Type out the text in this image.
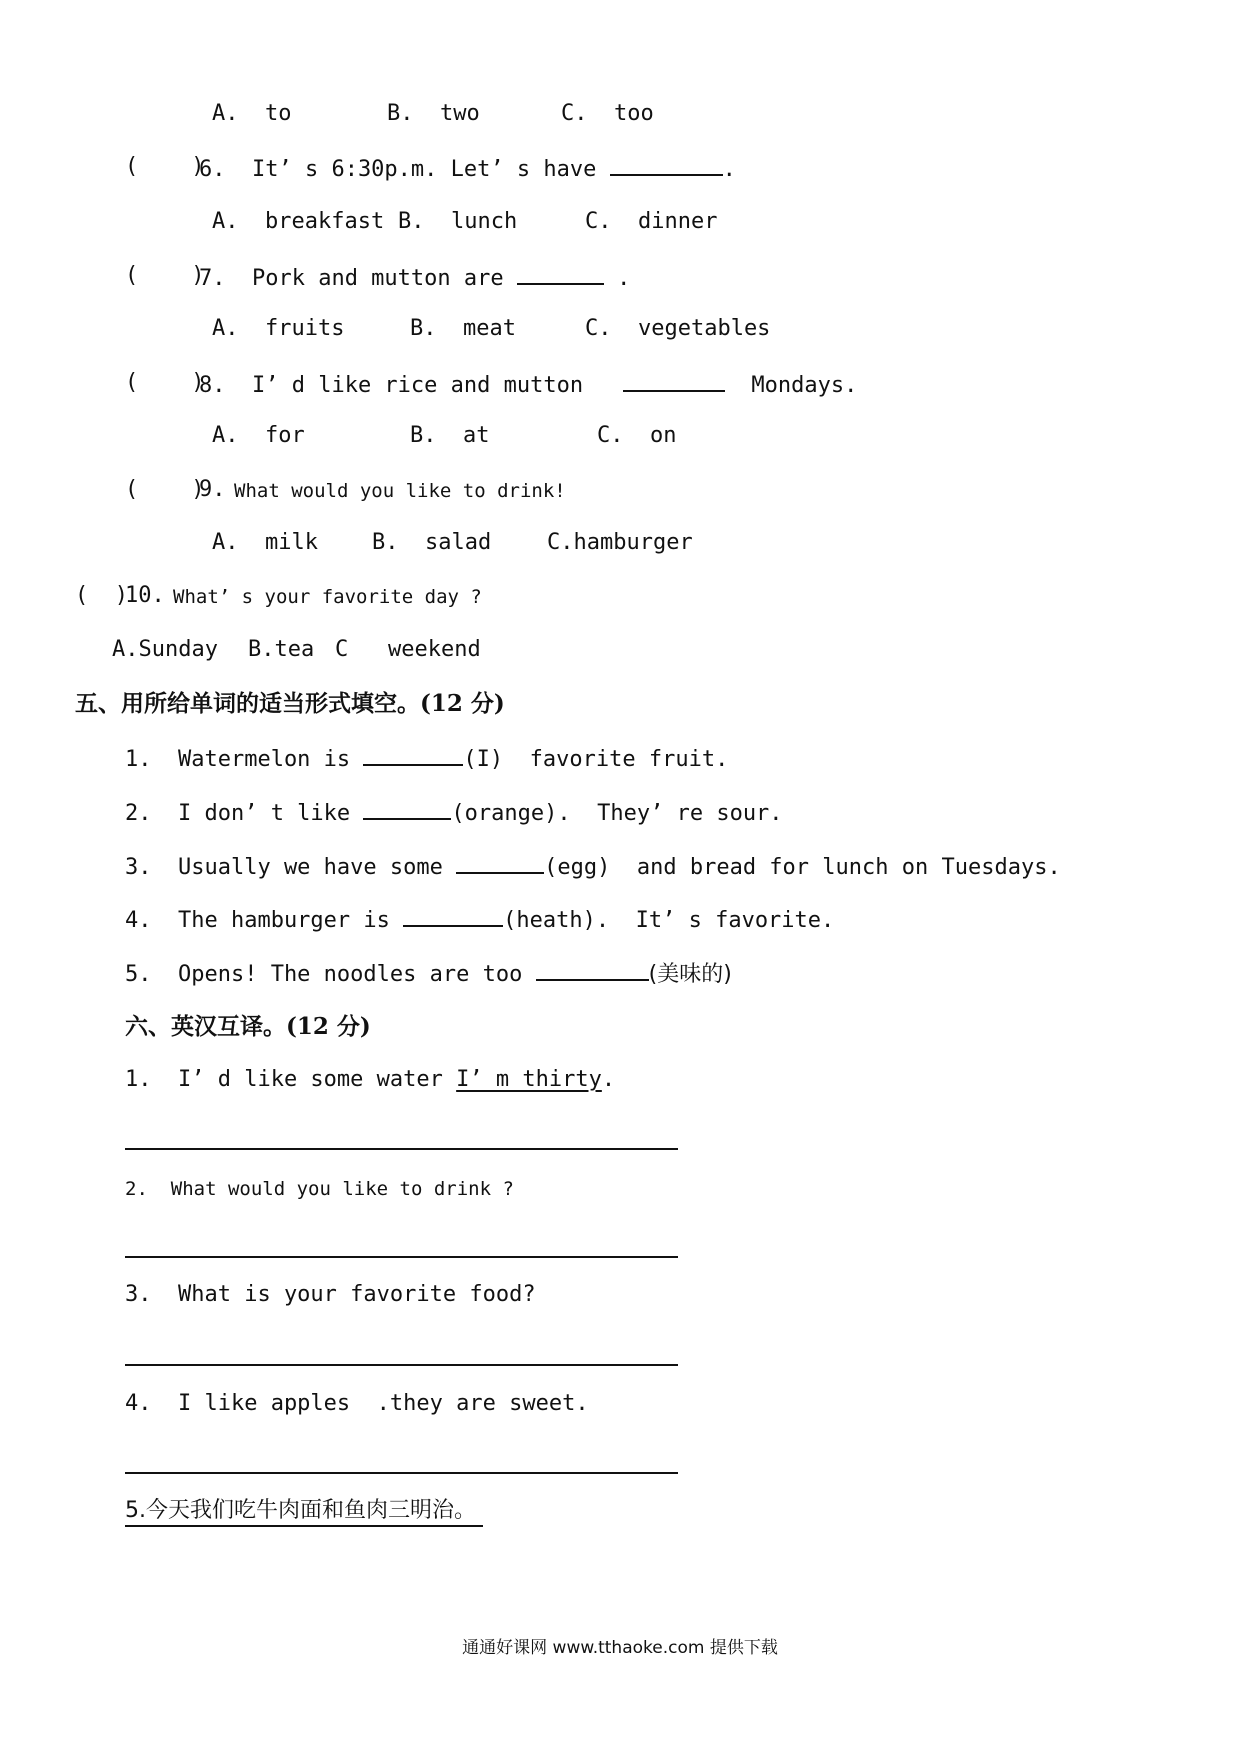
A.  to	B.  two	C.  too
(    )
6.  It’ s 6:30p.m. Let’ s have	.
A.  breakfast B.  lunch	C.  dinner
(    )
7.  Pork and mutton are	.
A.  fruits	B.  meat	C.  vegetables
(    )
8.  I’ d like rice and mutton	Mondays.
A.  for	B.  at	C.  on
(    )
9. What would you like to drink!
A.  milk B.  salad	C.hamburger
(  )
10. What’ s your favorite day ?
A.Sunday B.tea C   weekend
五、用所给单词的适当形式填空。(12 分)
1.  Watermelon is	(I)  favorite fruit.
2.  I don’ t like	(orange).  They’ re sour.
3.  Usually we have some	(egg)  and bread for lunch on Tuesdays.
4.  The hamburger is	(heath).  It’ s favorite.
5.  Opens! The noodles are too	(美味的)
六、英汉互译。(12 分)
1.  I’ d like some water I’ m thirty.
2.  What would you like to drink ?
3.  What is your favorite food?
4.  I like apples  .they are sweet.
5.今天我们吃牛肉面和鱼肉三明治。
通通好课网 www.tthaoke.com 提供下载
